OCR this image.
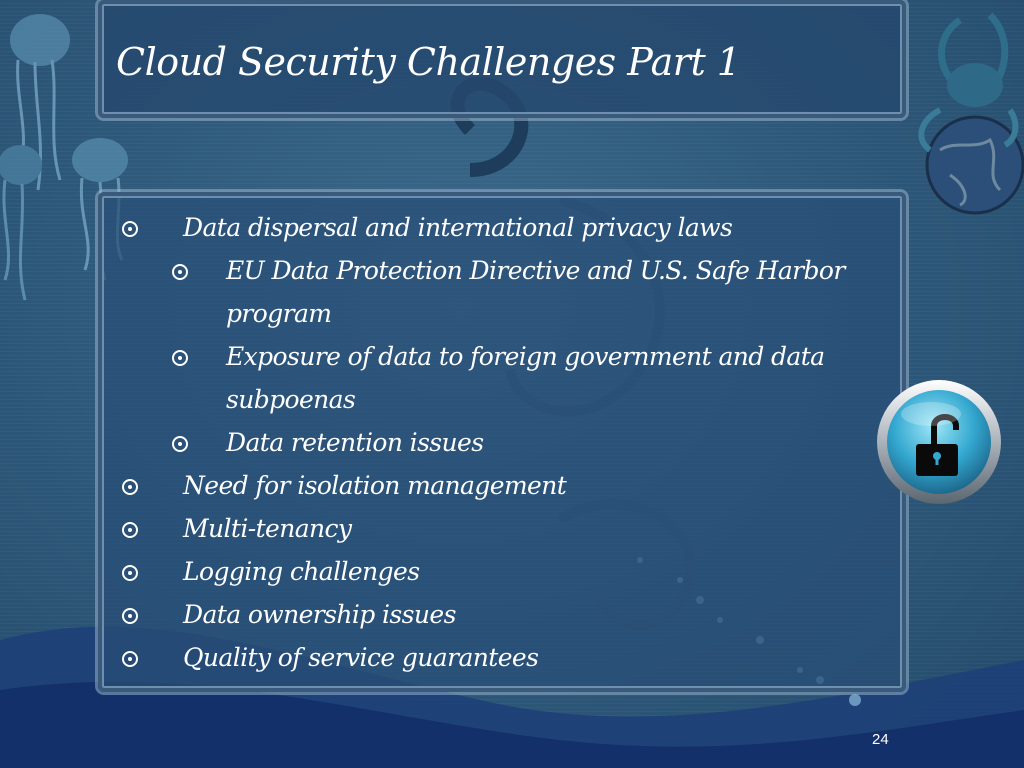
Cloud Security Challenges Part 1
Data dispersal and international privacy laws
EU Data Protection Directive and U.S. Safe Harbor
program
Exposure of data to foreign government and data
subpoenas
Data retention issues
Need for isolation management
Multi-tenancy
Logging challenges
Data ownership issues
Quality of service guarantees
24
